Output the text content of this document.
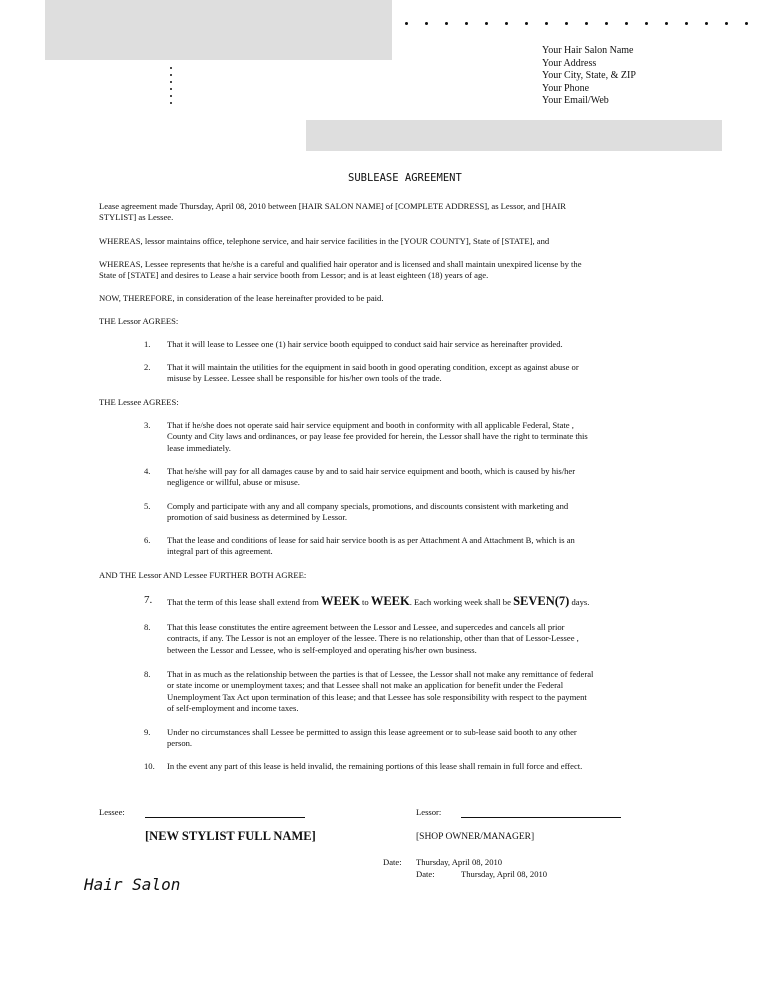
Your Hair Salon Name
Your Address
Your City, State, & ZIP
Your Phone
Your Email/Web
SUBLEASE AGREEMENT
Lease agreement made Thursday, April 08, 2010 between [HAIR SALON NAME] of [COMPLETE ADDRESS], as Lessor, and [HAIR
STYLIST] as Lessee.
WHEREAS, lessor maintains office, telephone service, and hair service facilities in the [YOUR COUNTY], State of [STATE], and
WHEREAS, Lessee represents that he/she is a careful and qualified hair operator and is licensed and shall maintain unexpired license by the
State of [STATE] and desires to Lease a hair service booth from Lessor; and is at least eighteen (18) years of age.
NOW, THEREFORE, in consideration of the lease hereinafter provided to be paid.
THE Lessor AGREES:
1. That it will lease to Lessee one (1) hair service booth equipped to conduct said hair service as hereinafter provided.
2. That it will maintain the utilities for the equipment in said booth in good operating condition, except as against abuse or
misuse by Lessee. Lessee shall be responsible for his/her own tools of the trade.
THE Lessee AGREES:
3. That if he/she does not operate said hair service equipment and booth in conformity with all applicable Federal, State ,
County and City laws and ordinances, or pay lease fee provided for herein, the Lessor shall have the right to terminate this
lease immediately.
4. That he/she will pay for all damages cause by and to said hair service equipment and booth, which is caused by his/her
negligence or willful, abuse or misuse.
5. Comply and participate with any and all company specials, promotions, and discounts consistent with marketing and
promotion of said business as determined by Lessor.
6. That the lease and conditions of lease for said hair service booth is as per Attachment A and Attachment B, which is an
integral part of this agreement.
AND THE Lessor AND Lessee FURTHER BOTH AGREE:
7. That the term of this lease shall extend from WEEK to WEEK. Each working week shall be SEVEN(7) days.
8. That this lease constitutes the entire agreement between the Lessor and Lessee, and supercedes and cancels all prior
contracts, if any. The Lessor is not an employer of the lessee. There is no relationship, other than that of Lessor-Lessee ,
between the Lessor and Lessee, who is self-employed and operating his/her own business.
8. That in as much as the relationship between the parties is that of Lessee, the Lessor shall not make any remittance of federal
or state income or unemployment taxes; and that Lessee shall not make an application for benefit under the Federal
Unemployment Tax Act upon termination of this lease; and that Lessee has sole responsibility with respect to the payment
of self-employment and income taxes.
9. Under no circumstances shall Lessee be permitted to assign this lease agreement or to sub-lease said booth to any other
person.
10. In the event any part of this lease is held invalid, the remaining portions of this lease shall remain in full force and effect.
Lessee:	Lessor:
[NEW STYLIST FULL NAME]	[SHOP OWNER/MANAGER]
Date: Thursday, April 08, 2010
Date:	Thursday, April 08, 2010
Hair Salon
